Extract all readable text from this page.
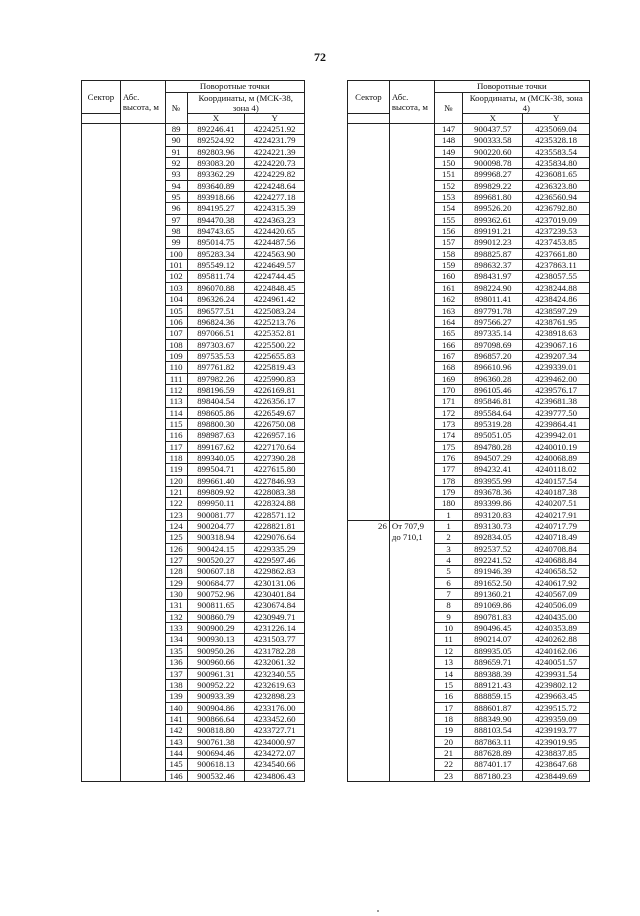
72
Сектор	Абс. высота, м	Поворотные точки		
		№	Координаты, м (МСК-38, зона 4)	

			X	Y
		89	892246.41	4224251.92
		90	892524.92	4224231.79
		91	892803.96	4224221.39
		92	893083.20	4224220.73
		93	893362.29	4224229.82
		94	893640.89	4224248.64
		95	893918.66	4224277.18
		96	894195.27	4224315.39
		97	894470.38	4224363.23
		98	894743.65	4224420.65
		99	895014.75	4224487.56
		100	895283.34	4224563.90
		101	895549.12	4224649.57
		102	895811.74	4224744.45
		103	896070.88	4224848.45
		104	896326.24	4224961.42
		105	896577.51	4225083.24
		106	896824.36	4225213.76
		107	897066.51	4225352.81
		108	897303.67	4225500.22
		109	897535.53	4225655.83
		110	897761.82	4225819.43
		111	897982.26	4225990.83
		112	898196.59	4226169.81
		113	898404.54	4226356.17
		114	898605.86	4226549.67
		115	898800.30	4226750.08
		116	898987.63	4226957.16
		117	899167.62	4227170.64
		118	899340.05	4227390.28
		119	899504.71	4227615.80
		120	899661.40	4227846.93
		121	899809.92	4228083.38
		122	899950.11	4228324.88
		123	900081.77	4228571.12
		124	900204.77	4228821.81
		125	900318.94	4229076.64
		126	900424.15	4229335.29
		127	900520.27	4229597.46
		128	900607.18	4229862.83
		129	900684.77	4230131.06
		130	900752.96	4230401.84
		131	900811.65	4230674.84
		132	900860.79	4230949.71
		133	900900.29	4231226.14
		134	900930.13	4231503.77
		135	900950.26	4231782.28
		136	900960.66	4232061.32
		137	900961.31	4232340.55
		138	900952.22	4232619.63
		139	900933.39	4232898.23
		140	900904.86	4233176.00
		141	900866.64	4233452.60
		142	900818.80	4233727.71
		143	900761.38	4234000.97
		144	900694.46	4234272.07
		145	900618.13	4234540.66
		146	900532.46	4234806.43
Сектор	Абс. высота, м	Поворотные точки		
		№	Координаты, м (МСК-38, зона 4)	

			X	Y
		147	900437.57	4235069.04
		148	900333.58	4235328.18
		149	900220.60	4235583.54
		150	900098.78	4235834.80
		151	899968.27	4236081.65
		152	899829.22	4236323.80
		153	899681.80	4236560.94
		154	899526.20	4236792.80
		155	899362.61	4237019.09
		156	899191.21	4237239.53
		157	899012.23	4237453.85
		158	898825.87	4237661.80
		159	898632.37	4237863.11
		160	898431.97	4238057.55
		161	898224.90	4238244.88
		162	898011.41	4238424.86
		163	897791.78	4238597.29
		164	897566.27	4238761.95
		165	897335.14	4238918.63
		166	897098.69	4239067.16
		167	896857.20	4239207.34
		168	896610.96	4239339.01
		169	896360.28	4239462.00
		170	896105.46	4239576.17
		171	895846.81	4239681.38
		172	895584.64	4239777.50
		173	895319.28	4239864.41
		174	895051.05	4239942.01
		175	894780.28	4240010.19
		176	894507.29	4240068.89
		177	894232.41	4240118.02
		178	893955.99	4240157.54
		179	893678.36	4240187.38
		180	893399.86	4240207.51
		1	893120.83	4240217.91
26	От 707,9 до 710,1	1	893130.73	4240717.79
		2	892834.05	4240718.49
		3	892537.52	4240708.84
		4	892241.52	4240688.84
		5	891946.39	4240658.52
		6	891652.50	4240617.92
		7	891360.21	4240567.09
		8	891069.86	4240506.09
		9	890781.83	4240435.00
		10	890496.45	4240353.89
		11	890214.07	4240262.88
		12	889935.05	4240162.06
		13	889659.71	4240051.57
		14	889388.39	4239931.54
		15	889121.43	4239802.12
		16	888859.15	4239663.45
		17	888601.87	4239515.72
		18	888349.90	4239359.09
		19	888103.54	4239193.77
		20	887863.11	4239019.95
		21	887628.89	4238837.85
		22	887401.17	4238647.68
		23	887180.23	4238449.69
